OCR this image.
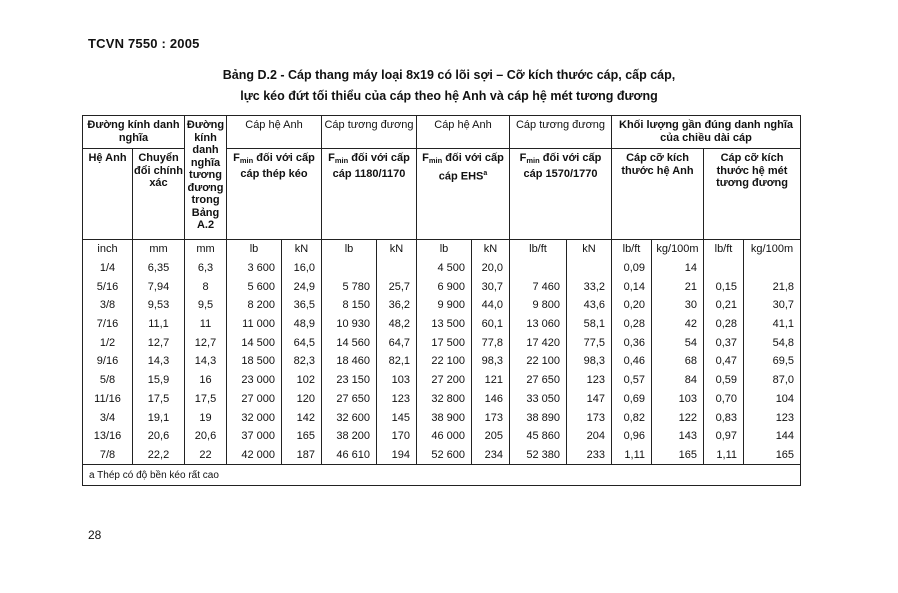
TCVN 7550 : 2005
Bảng D.2 - Cáp thang máy loại 8x19 có lõi sợi – Cỡ kích thước cáp, cấp cáp,
lực kéo đứt tối thiểu của cáp theo hệ Anh và cáp hệ mét tương đương
Đường kính danh nghĩa		Đường kính danh nghĩa tương đương trong Bảng A.2	Cáp hệ Anh		Cáp tương đương		Cáp hệ Anh		Cáp tương đương		Khối lượng gần đúng danh nghĩa của chiều dài cáp			
Hệ Anh	Chuyển đổi chính xác		$F_{min}$ đối với cấp cáp thép kéo		$F_{min}$ đối với cấp cáp 1180/1170		$F_{min}$ đối với cấp cáp EHS$^a$		$F_{min}$ đối với cấp cáp 1570/1770		Cáp cỡ kích thước hệ Anh		Cáp cỡ kích thước hệ mét tương đương	
inch	mm	mm	lb	kN	lb	kN	lb	kN	lb/ft	kN	lb/ft	kg/100m	lb/ft	kg/100m
1/4	6,35	6,3	3 600	16,0			4 500	20,0			0,09	14		
5/16	7,94	8	5 600	24,9	5 780	25,7	6 900	30,7	7 460	33,2	0,14	21	0,15	21,8
3/8	9,53	9,5	8 200	36,5	8 150	36,2	9 900	44,0	9 800	43,6	0,20	30	0,21	30,7
7/16	11,1	11	11 000	48,9	10 930	48,2	13 500	60,1	13 060	58,1	0,28	42	0,28	41,1
1/2	12,7	12,7	14 500	64,5	14 560	64,7	17 500	77,8	17 420	77,5	0,36	54	0,37	54,8
9/16	14,3	14,3	18 500	82,3	18 460	82,1	22 100	98,3	22 100	98,3	0,46	68	0,47	69,5
5/8	15,9	16	23 000	102	23 150	103	27 200	121	27 650	123	0,57	84	0,59	87,0
11/16	17,5	17,5	27 000	120	27 650	123	32 800	146	33 050	147	0,69	103	0,70	104
3/4	19,1	19	32 000	142	32 600	145	38 900	173	38 890	173	0,82	122	0,83	123
13/16	20,6	20,6	37 000	165	38 200	170	46 000	205	45 860	204	0,96	143	0,97	144
7/8	22,2	22	42 000	187	46 610	194	52 600	234	52 380	233	1,11	165	1,11	165
a Thép có độ bền kéo rất cao														
28
